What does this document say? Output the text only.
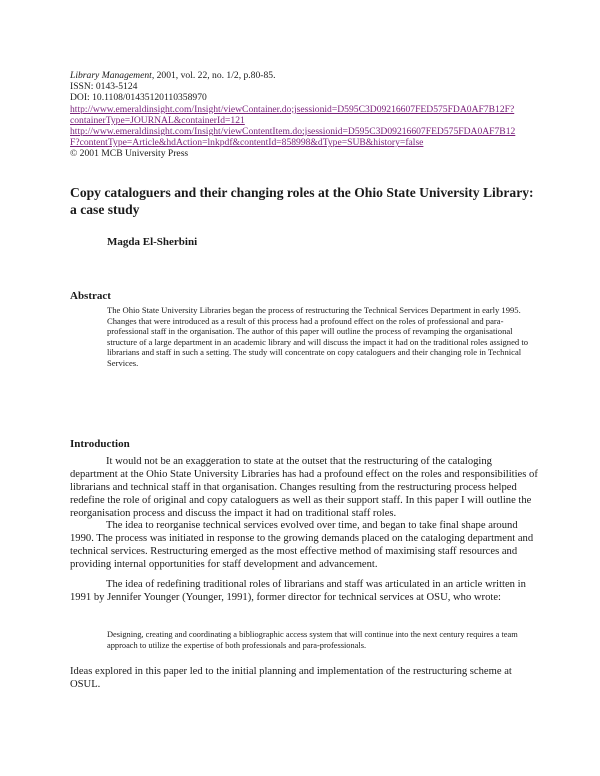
Library Management, 2001, vol. 22, no. 1/2, p.80-85.
ISSN: 0143-5124
DOI: 10.1108/01435120110358970
http://www.emeraldinsight.com/Insight/viewContainer.do;jsessionid=D595C3D09216607FED575FDA0AF7B12F?
containerType=JOURNAL&containerId=121
http://www.emeraldinsight.com/Insight/viewContentItem.do;jsessionid=D595C3D09216607FED575FDA0AF7B12
F?contentType=Article&hdAction=lnkpdf&contentId=858998&dType=SUB&history=false
© 2001 MCB University Press
Copy cataloguers and their changing roles at the Ohio State University Library: a case study

Magda El-Sherbini

Abstract

The Ohio State University Libraries began the process of restructuring the Technical Services Department in early 1995. Changes that were introduced as a result of this process had a profound effect on the roles of professional and para-professional staff in the organisation. The author of this paper will outline the process of revamping the organisational structure of a large department in an academic library and will discuss the impact it had on the traditional roles assigned to librarians and staff in such a setting. The study will concentrate on copy cataloguers and their changing role in Technical Services.

Introduction

It would not be an exaggeration to state at the outset that the restructuring of the cataloging department at the Ohio State University Libraries has had a profound effect on the roles and responsibilities of librarians and technical staff in that organisation. Changes resulting from the restructuring process helped redefine the role of original and copy cataloguers as well as their support staff. In this paper I will outline the reorganisation process and discuss the impact it had on traditional staff roles.

The idea to reorganise technical services evolved over time, and began to take final shape around 1990. The process was initiated in response to the growing demands placed on the cataloging department and technical services. Restructuring emerged as the most effective method of maximising staff resources and providing internal opportunities for staff development and advancement.

The idea of redefining traditional roles of librarians and staff was articulated in an article written in 1991 by Jennifer Younger (Younger, 1991), former director for technical services at OSU, who wrote:

Designing, creating and coordinating a bibliographic access system that will continue into the next century requires a team approach to utilize the expertise of both professionals and para-professionals.

Ideas explored in this paper led to the initial planning and implementation of the restructuring scheme at OSUL.
